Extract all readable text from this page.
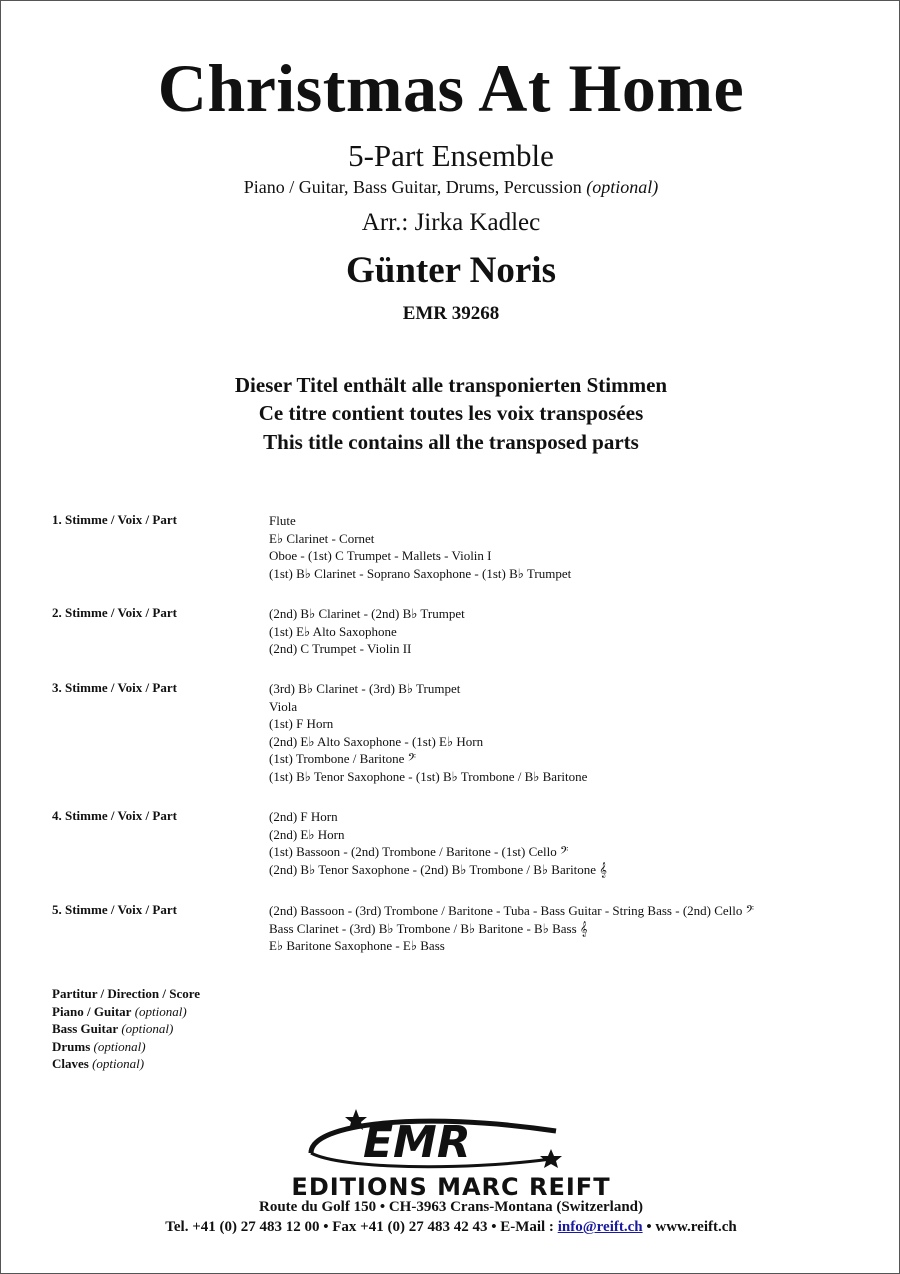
Christmas At Home
5-Part Ensemble
Piano / Guitar, Bass Guitar, Drums, Percussion (optional)
Arr.: Jirka Kadlec
Günter Noris
EMR 39268
Dieser Titel enthält alle transponierten Stimmen
Ce titre contient toutes les voix transposées
This title contains all the transposed parts
1. Stimme / Voix / Part	Flute
E♭ Clarinet - Cornet
Oboe - (1st) C Trumpet - Mallets - Violin I
(1st) B♭ Clarinet - Soprano Saxophone - (1st) B♭ Trumpet
2. Stimme / Voix / Part	(2nd) B♭ Clarinet - (2nd) B♭ Trumpet
(1st) E♭ Alto Saxophone
(2nd) C Trumpet - Violin II
3. Stimme / Voix / Part	(3rd) B♭ Clarinet - (3rd) B♭ Trumpet
Viola
(1st) F Horn
(2nd) E♭ Alto Saxophone - (1st) E♭ Horn
(1st) Trombone / Baritone 𝄢
(1st) B♭ Tenor Saxophone - (1st) B♭ Trombone / B♭ Baritone
4. Stimme / Voix / Part	(2nd) F Horn
(2nd) E♭ Horn
(1st) Bassoon - (2nd) Trombone / Baritone - (1st) Cello 𝄢
(2nd) B♭ Tenor Saxophone - (2nd) B♭ Trombone / B♭ Baritone 𝄞
5. Stimme / Voix / Part	(2nd) Bassoon - (3rd) Trombone / Baritone - Tuba - Bass Guitar - String Bass - (2nd) Cello 𝄢
Bass Clarinet - (3rd) B♭ Trombone / B♭ Baritone - B♭ Bass 𝄞
E♭ Baritone Saxophone - E♭ Bass
Partitur / Direction / Score
Piano / Guitar (optional)
Bass Guitar (optional)
Drums (optional)
Claves (optional)
EMR
EDITIONS MARC REIFT
Route du Golf 150 • CH-3963 Crans-Montana (Switzerland)
Tel. +41 (0) 27 483 12 00 • Fax +41 (0) 27 483 42 43 • E-Mail : info@reift.ch • www.reift.ch
